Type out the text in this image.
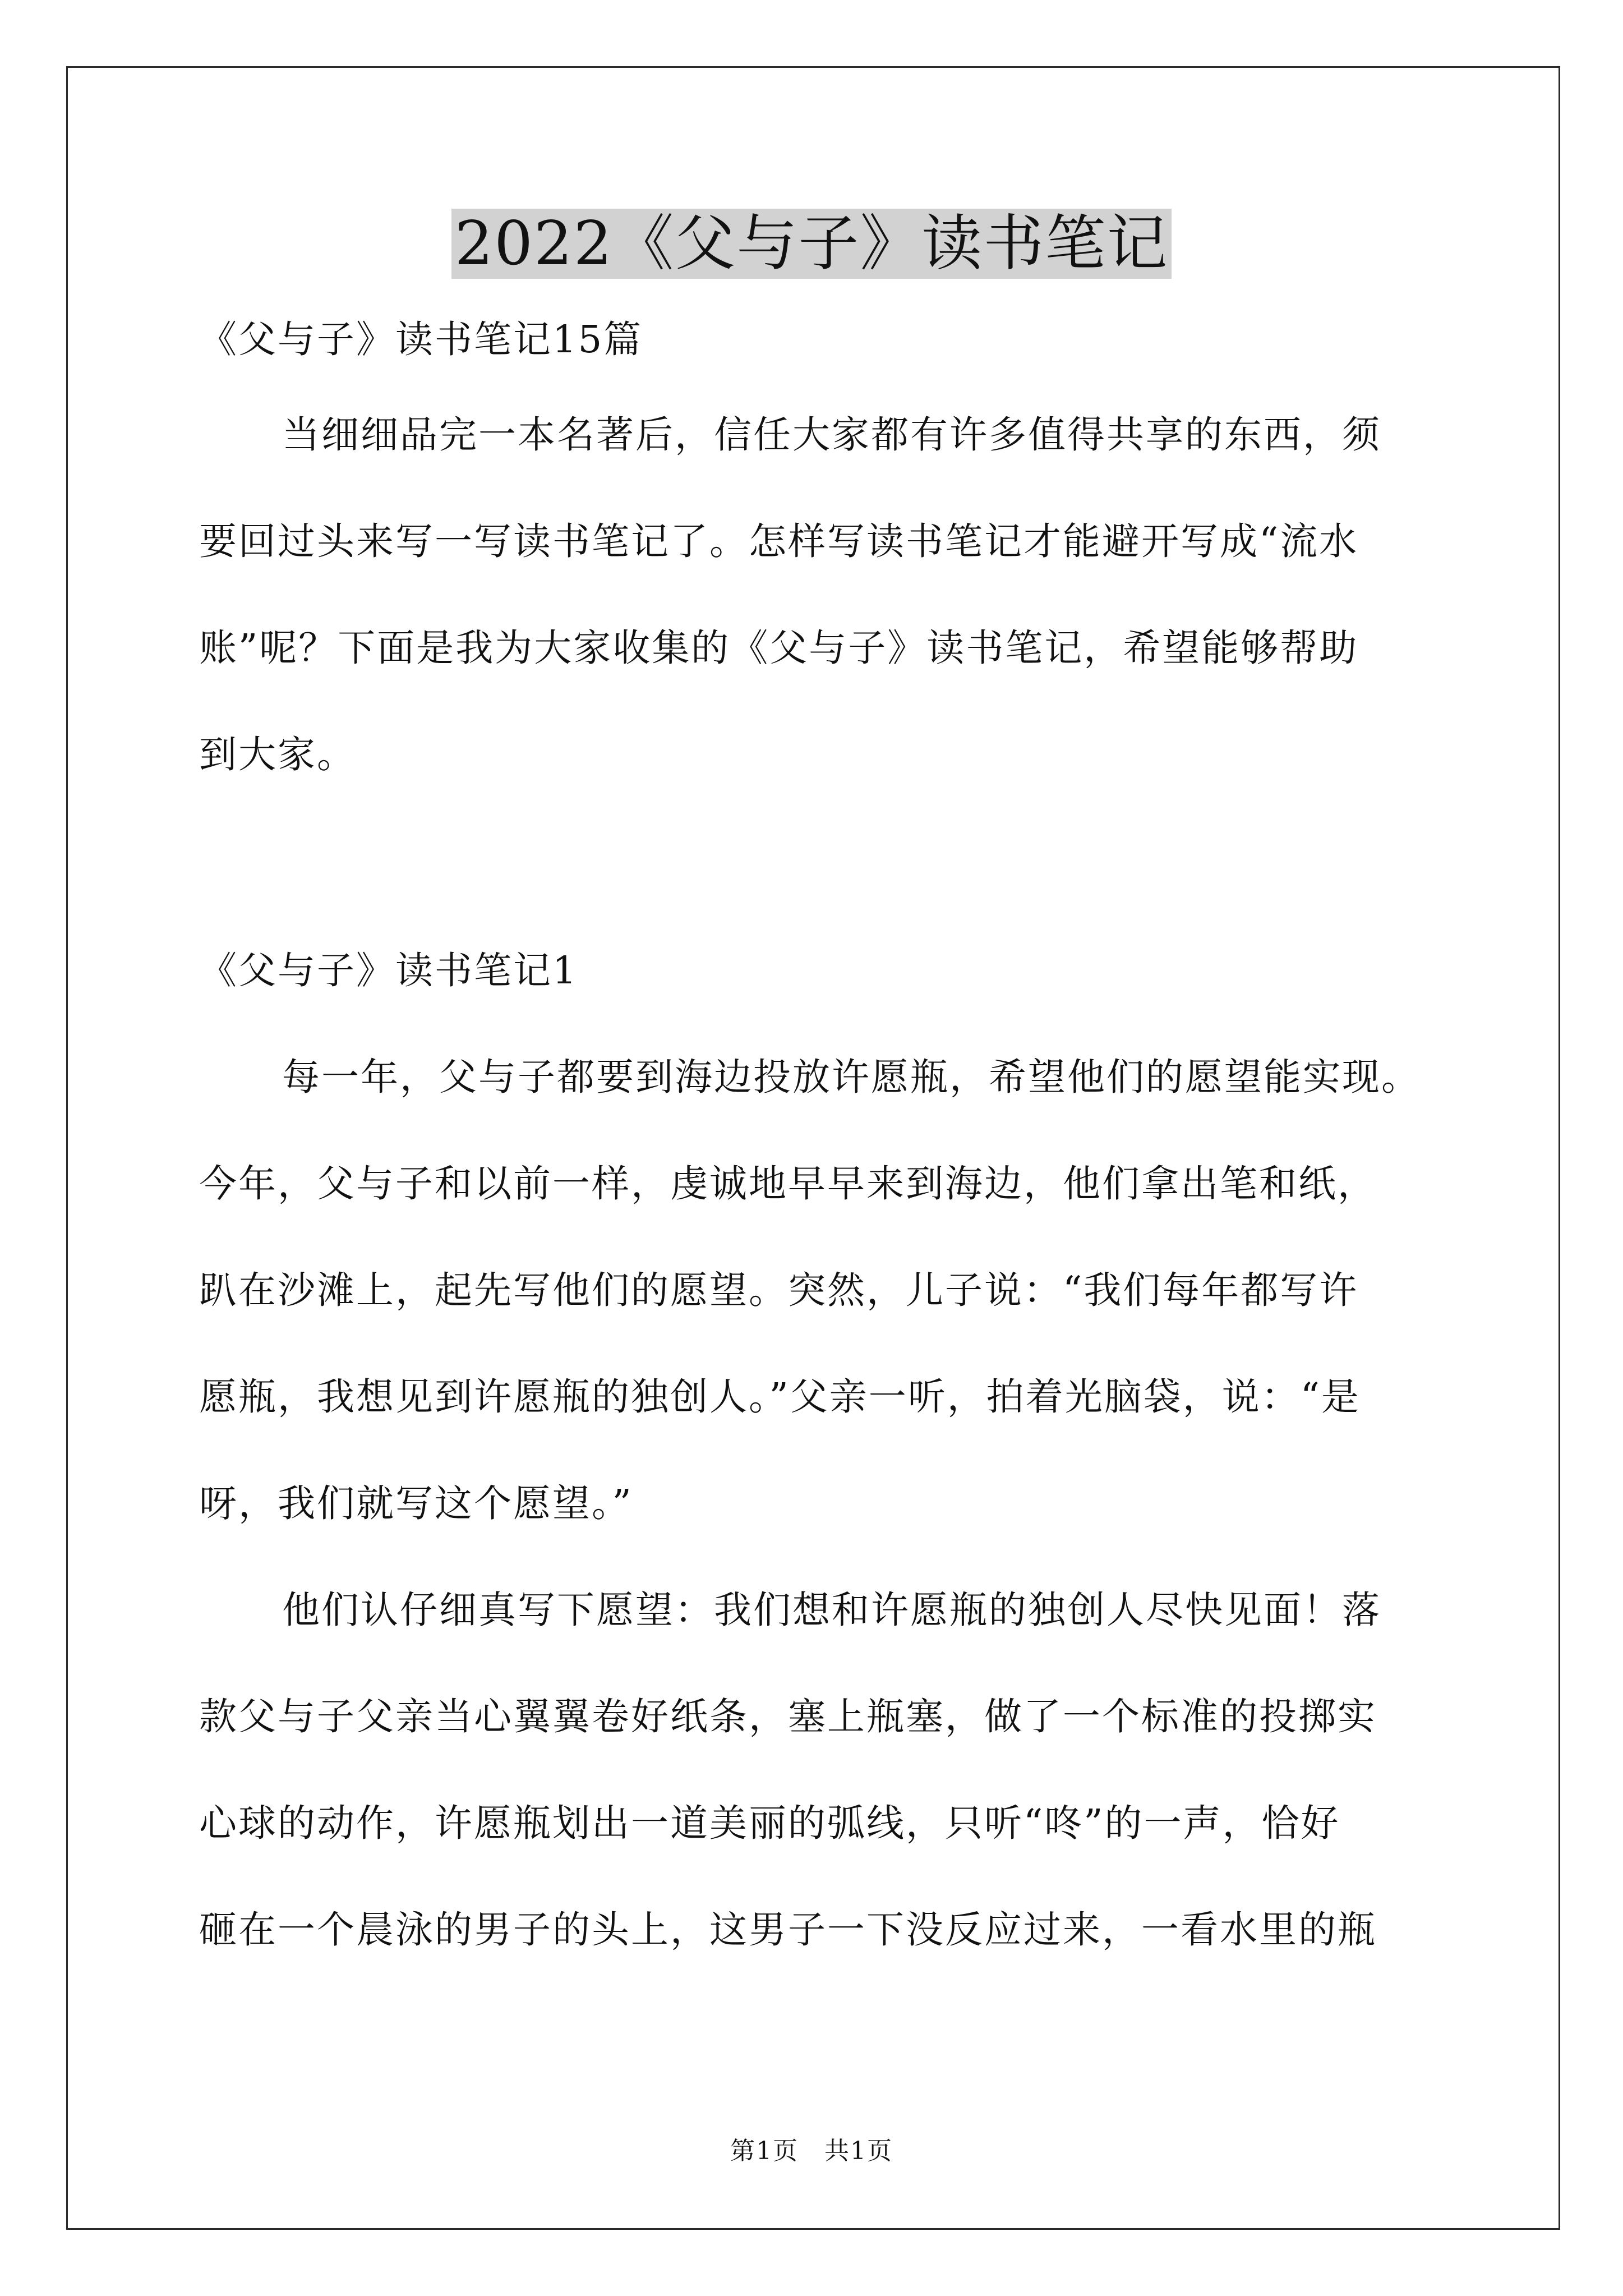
2022《父与子》读书笔记
《父与子》读书笔记15篇
当细细品完一本名著后，信任大家都有许多值得共享的东西，须
要回过头来写一写读书笔记了。怎样写读书笔记才能避开写成“流水
账”呢？下面是我为大家收集的《父与子》读书笔记，希望能够帮助
到大家。
《父与子》读书笔记1
每一年，父与子都要到海边投放许愿瓶，希望他们的愿望能实现。
今年，父与子和以前一样，虔诚地早早来到海边，他们拿出笔和纸，
趴在沙滩上，起先写他们的愿望。突然，儿子说：“我们每年都写许
愿瓶，我想见到许愿瓶的独创人。”父亲一听，拍着光脑袋，说：“是
呀，我们就写这个愿望。”
他们认仔细真写下愿望：我们想和许愿瓶的独创人尽快见面！落
款父与子父亲当心翼翼卷好纸条，塞上瓶塞，做了一个标准的投掷实
心球的动作，许愿瓶划出一道美丽的弧线，只听“咚”的一声，恰好
砸在一个晨泳的男子的头上，这男子一下没反应过来，一看水里的瓶
第1页　共1页
